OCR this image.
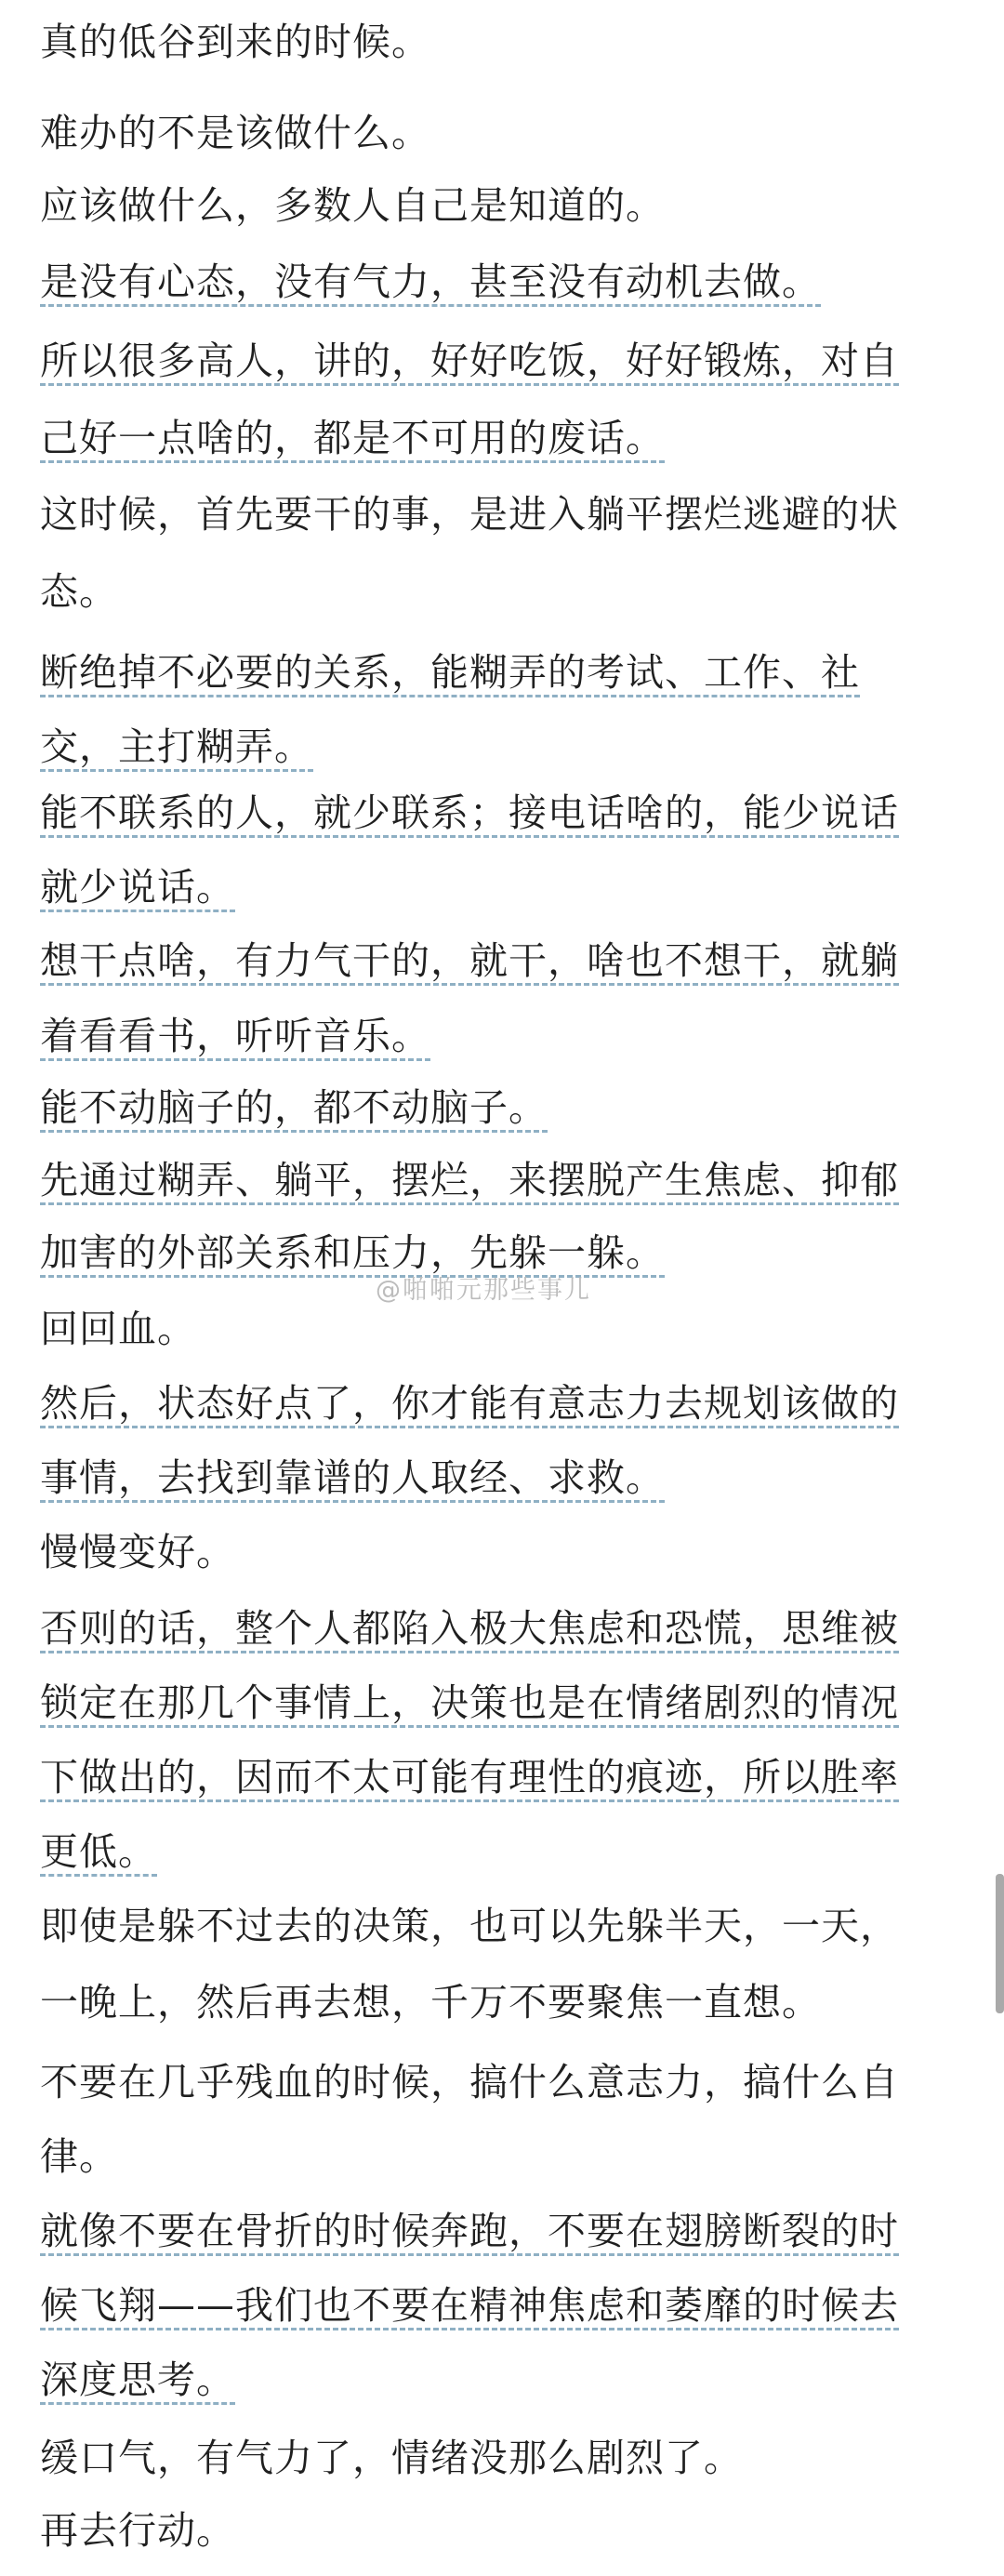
真的低谷到来的时候。
难办的不是该做什么。
应该做什么，多数人自己是知道的。
是没有心态，没有气力，甚至没有动机去做。
所以很多高人，讲的，好好吃饭，好好锻炼，对自
己好一点啥的，都是不可用的废话。
这时候，首先要干的事，是进入躺平摆烂逃避的状
态。
断绝掉不必要的关系，能糊弄的考试、工作、社
交，主打糊弄。
能不联系的人，就少联系；接电话啥的，能少说话
就少说话。
想干点啥，有力气干的，就干，啥也不想干，就躺
着看看书，听听音乐。
能不动脑子的，都不动脑子。
先通过糊弄、躺平，摆烂，来摆脱产生焦虑、抑郁
加害的外部关系和压力，先躲一躲。
回回血。
然后，状态好点了，你才能有意志力去规划该做的
事情，去找到靠谱的人取经、求救。
慢慢变好。
否则的话，整个人都陷入极大焦虑和恐慌，思维被
锁定在那几个事情上，决策也是在情绪剧烈的情况
下做出的，因而不太可能有理性的痕迹，所以胜率
更低。
即使是躲不过去的决策，也可以先躲半天，一天，
一晚上，然后再去想，千万不要聚焦一直想。
不要在几乎残血的时候，搞什么意志力，搞什么自
律。
就像不要在骨折的时候奔跑，不要在翅膀断裂的时
候飞翔——我们也不要在精神焦虑和萎靡的时候去
深度思考。
缓口气，有气力了，情绪没那么剧烈了。
再去行动。
@啪啪元那些事儿
